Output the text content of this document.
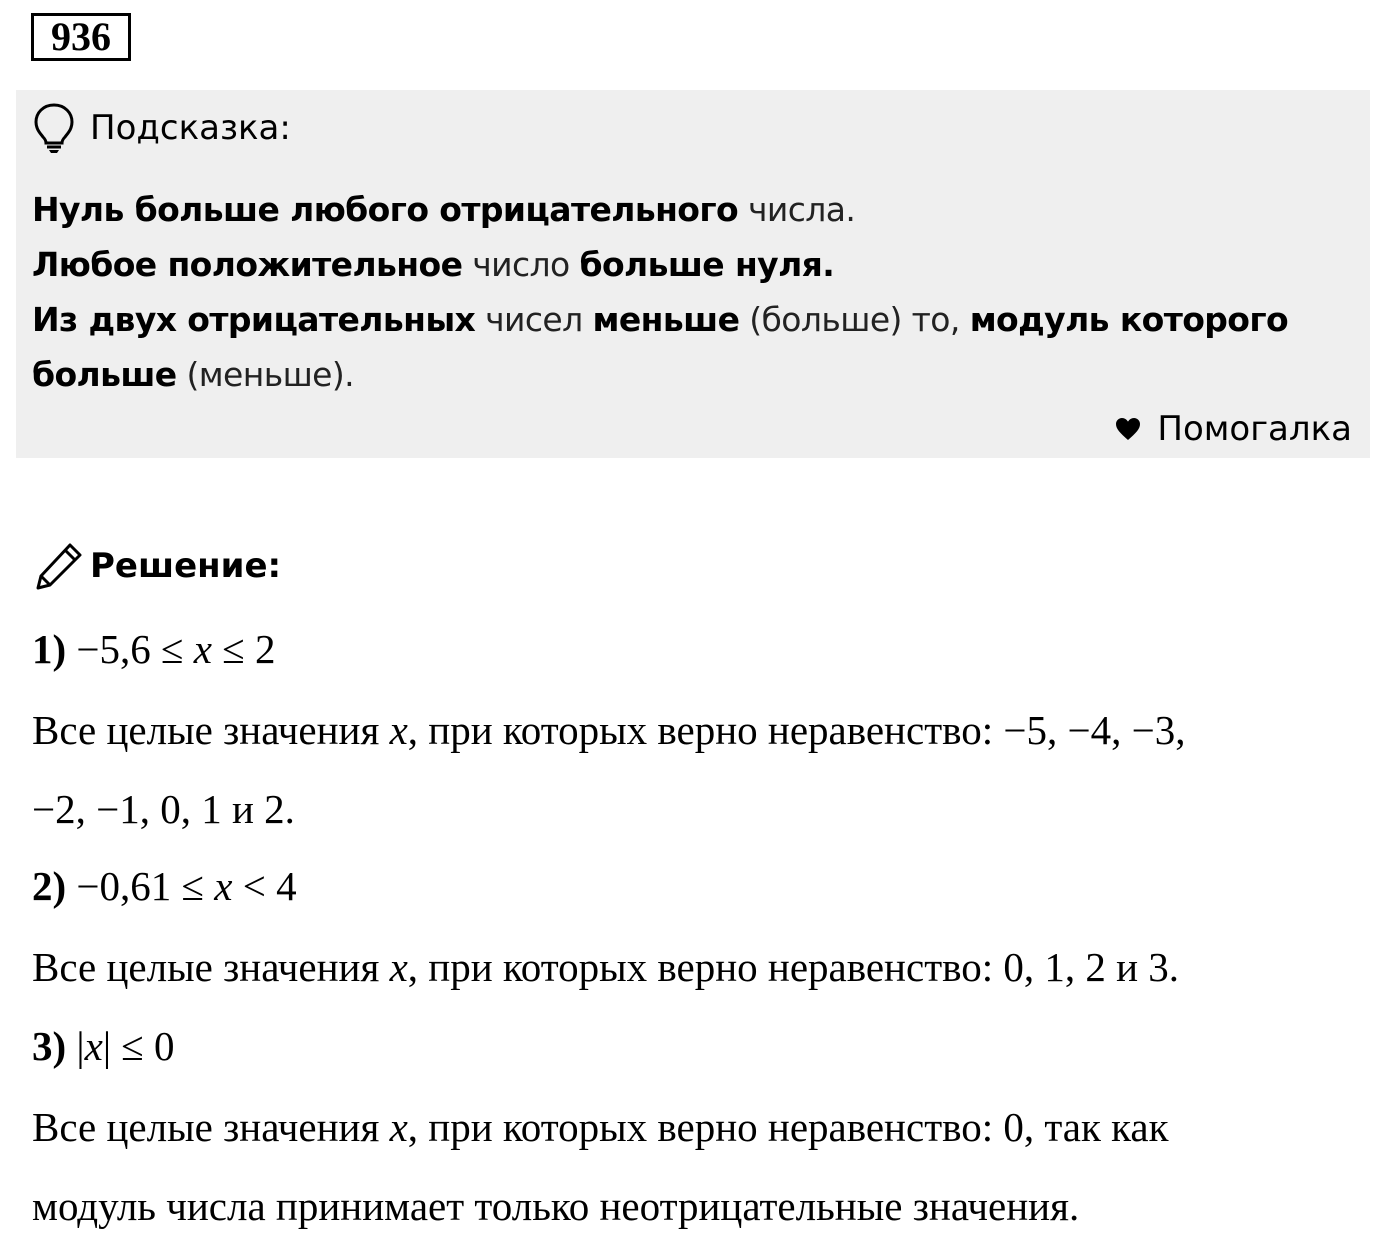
936
Подсказка:
Нуль больше любого отрицательного числа.
Любое положительное число больше нуля.
Из двух отрицательных чисел меньше (больше) то, модуль которого
больше (меньше).
Помогалка
Решение:
1) −5,6 ≤ x ≤ 2
Все целые значения x, при которых верно неравенство: −5, −4, −3,
−2, −1, 0, 1 и 2.
2) −0,61 ≤ x < 4
Все целые значения x, при которых верно неравенство: 0, 1, 2 и 3.
3) |x| ≤ 0
Все целые значения x, при которых верно неравенство: 0, так как
модуль числа принимает только неотрицательные значения.
